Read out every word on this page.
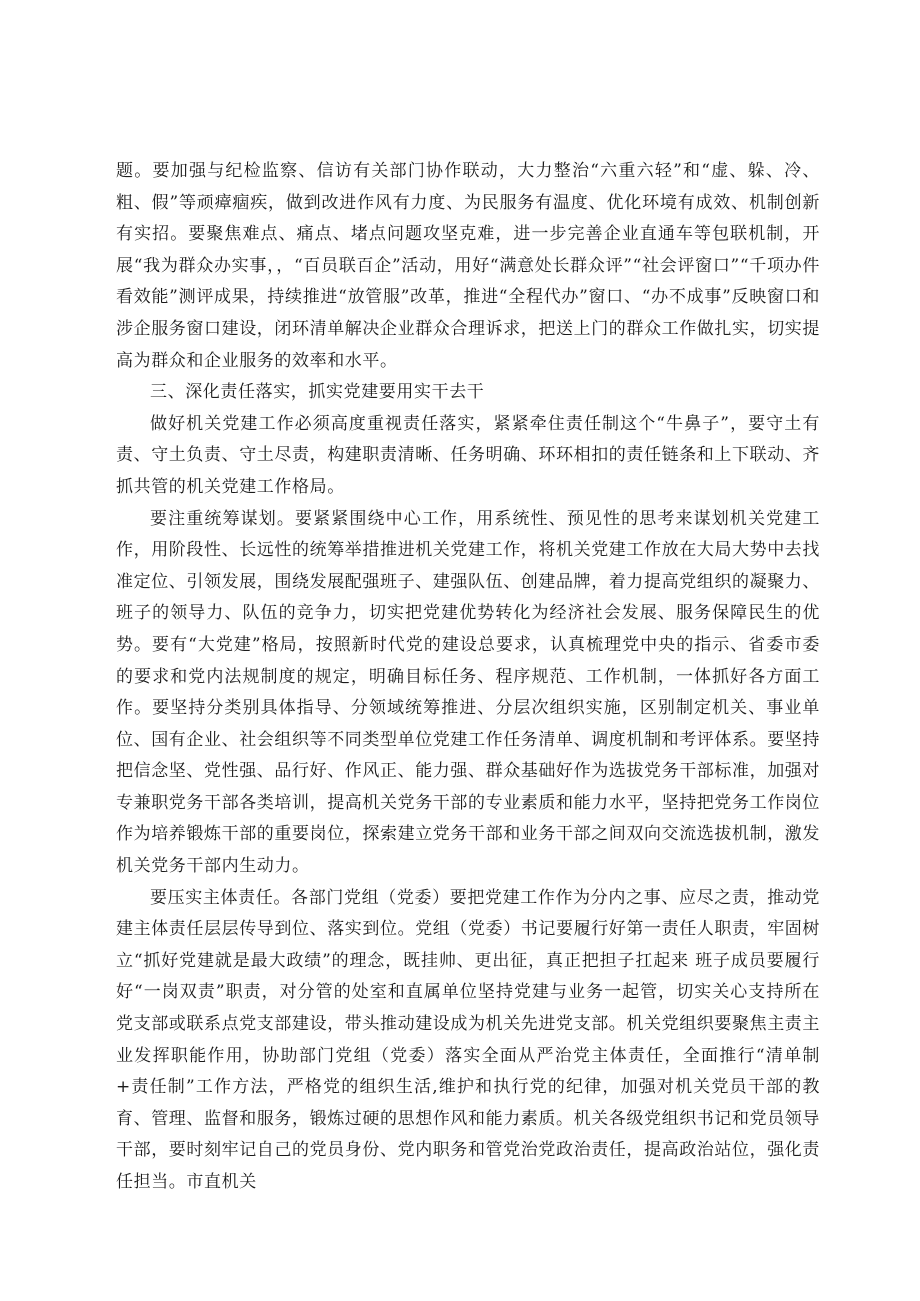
题。要加强与纪检监察、信访有关部门协作联动，大力整治“六重六轻”和“虚、躲、冷、粗、假”等顽瘴痼疾，做到改进作风有力度、为民服务有温度、优化环境有成效、机制创新有实招。要聚焦难点、痛点、堵点问题攻坚克难，进一步完善企业直通车等包联机制，开展“我为群众办实事，，“百员联百企”活动，用好“满意处长群众评”“社会评窗口”“千项办件看效能”测评成果，持续推进“放管服”改革，推进“全程代办”窗口、“办不成事”反映窗口和涉企服务窗口建设，闭环清单解决企业群众合理诉求，把送上门的群众工作做扎实，切实提高为群众和企业服务的效率和水平。

三、深化责任落实，抓实党建要用实干去干

做好机关党建工作必须高度重视责任落实，紧紧牵住责任制这个“牛鼻子”，要守土有责、守土负责、守土尽责，构建职责清晰、任务明确、环环相扣的责任链条和上下联动、齐抓共管的机关党建工作格局。

要注重统筹谋划。要紧紧围绕中心工作，用系统性、预见性的思考来谋划机关党建工作，用阶段性、长远性的统筹举措推进机关党建工作，将机关党建工作放在大局大势中去找准定位、引领发展，围绕发展配强班子、建强队伍、创建品牌，着力提高党组织的凝聚力、班子的领导力、队伍的竞争力，切实把党建优势转化为经济社会发展、服务保障民生的优势。要有“大党建”格局，按照新时代党的建设总要求，认真梳理党中央的指示、省委市委的要求和党内法规制度的规定，明确目标任务、程序规范、工作机制，一体抓好各方面工作。要坚持分类别具体指导、分领域统筹推进、分层次组织实施，区别制定机关、事业单位、国有企业、社会组织等不同类型单位党建工作任务清单、调度机制和考评体系。要坚持把信念坚、党性强、品行好、作风正、能力强、群众基础好作为选拔党务干部标准，加强对专兼职党务干部各类培训，提高机关党务干部的专业素质和能力水平，坚持把党务工作岗位作为培养锻炼干部的重要岗位，探索建立党务干部和业务干部之间双向交流选拔机制，激发机关党务干部内生动力。

要压实主体责任。各部门党组（党委）要把党建工作作为分内之事、应尽之责，推动党建主体责任层层传导到位、落实到位。党组（党委）书记要履行好第一责任人职责，牢固树立“抓好党建就是最大政绩”的理念，既挂帅、更出征，真正把担子扛起来 班子成员要履行好“一岗双责”职责，对分管的处室和直属单位坚持党建与业务一起管，切实关心支持所在党支部或联系点党支部建设，带头推动建设成为机关先进党支部。机关党组织要聚焦主责主业发挥职能作用，协助部门党组（党委）落实全面从严治党主体责任，全面推行“清单制+责任制”工作方法，严格党的组织生活,维护和执行党的纪律，加强对机关党员干部的教育、管理、监督和服务，锻炼过硬的思想作风和能力素质。机关各级党组织书记和党员领导干部，要时刻牢记自己的党员身份、党内职务和管党治党政治责任，提高政治站位，强化责任担当。市直机关
